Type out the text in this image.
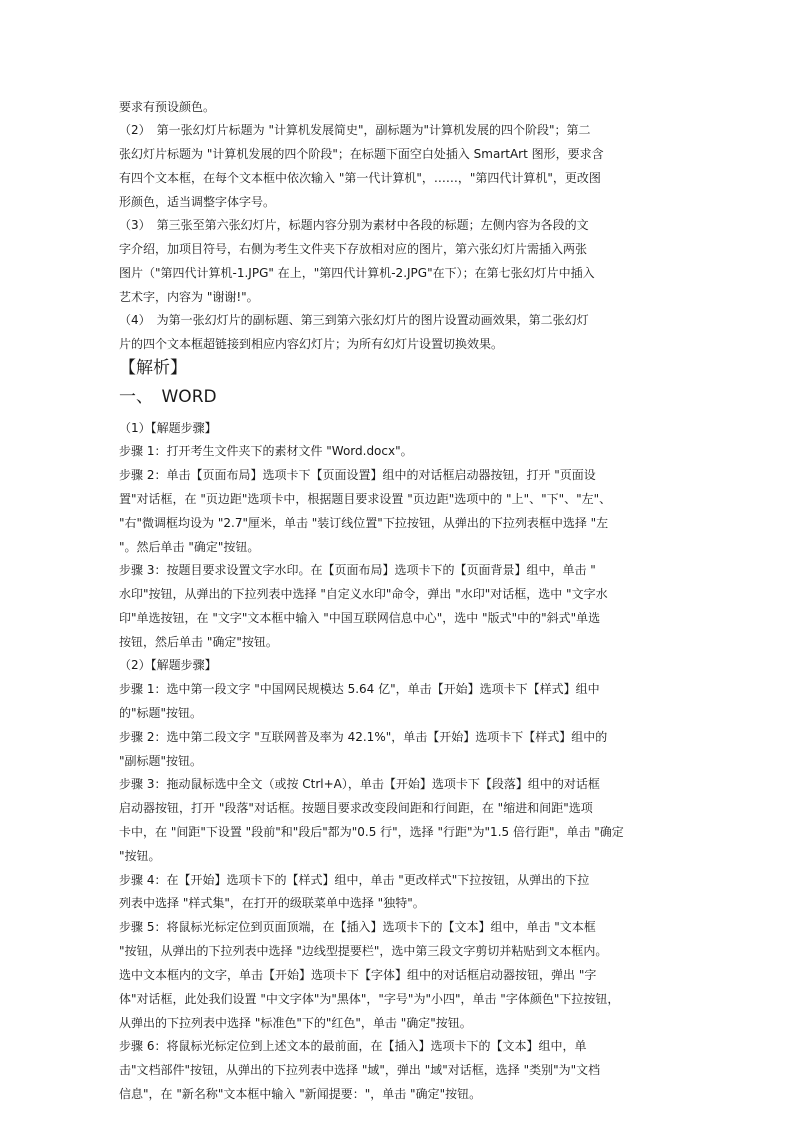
要求有预设颜色。
（2）　第一张幻灯片标题为 "计算机发展简史"，副标题为"计算机发展的四个阶段"；第二
张幻灯片标题为 "计算机发展的四个阶段"；在标题下面空白处插入 SmartArt 图形，要求含
有四个文本框，在每个文本框中依次输入 "第一代计算机"，……，"第四代计算机"，更改图
形颜色，适当调整字体字号。
（3）　第三张至第六张幻灯片，标题内容分别为素材中各段的标题；左侧内容为各段的文
字介绍，加项目符号，右侧为考生文件夹下存放相对应的图片，第六张幻灯片需插入两张
图片（"第四代计算机-1.JPG" 在上，"第四代计算机-2.JPG"在下）；在第七张幻灯片中插入
艺术字，内容为 "谢谢!"。
（4）　为第一张幻灯片的副标题、第三到第六张幻灯片的图片设置动画效果，第二张幻灯
片的四个文本框超链接到相应内容幻灯片；为所有幻灯片设置切换效果。
【解析】
一、　WORD
（1）【解题步骤】
步骤 1：打开考生文件夹下的素材文件 "Word.docx"。
步骤 2：单击【页面布局】选项卡下【页面设置】组中的对话框启动器按钮，打开 "页面设
置"对话框，在 "页边距"选项卡中，根据题目要求设置 "页边距"选项中的 "上"、"下"、"左"、
"右"微调框均设为 "2.7"厘米，单击 "装订线位置"下拉按钮，从弹出的下拉列表框中选择 "左
"。然后单击 "确定"按钮。
步骤 3：按题目要求设置文字水印。在【页面布局】选项卡下的【页面背景】组中，单击 "
水印"按钮，从弹出的下拉列表中选择 "自定义水印"命令，弹出 "水印"对话框，选中 "文字水
印"单选按钮，在 "文字"文本框中输入 "中国互联网信息中心"，选中 "版式"中的"斜式"单选
按钮，然后单击 "确定"按钮。
（2）【解题步骤】
步骤 1：选中第一段文字 "中国网民规模达 5.64 亿"，单击【开始】选项卡下【样式】组中
的"标题"按钮。
步骤 2：选中第二段文字 "互联网普及率为 42.1%"，单击【开始】选项卡下【样式】组中的
"副标题"按钮。
步骤 3：拖动鼠标选中全文（或按 Ctrl+A），单击【开始】选项卡下【段落】组中的对话框
启动器按钮，打开 "段落"对话框。按题目要求改变段间距和行间距，在 "缩进和间距"选项
卡中，在 "间距"下设置 "段前"和"段后"都为"0.5 行"，选择 "行距"为"1.5 倍行距"，单击 "确定
"按钮。
步骤 4：在【开始】选项卡下的【样式】组中，单击 "更改样式"下拉按钮，从弹出的下拉
列表中选择 "样式集"，在打开的级联菜单中选择 "独特"。
步骤 5：将鼠标光标定位到页面顶端，在【插入】选项卡下的【文本】组中，单击 "文本框
"按钮，从弹出的下拉列表中选择 "边线型提要栏"，选中第三段文字剪切并粘贴到文本框内。
选中文本框内的文字，单击【开始】选项卡下【字体】组中的对话框启动器按钮，弹出 "字
体"对话框，此处我们设置 "中文字体"为"黑体"，"字号"为"小四"，单击 "字体颜色"下拉按钮，
从弹出的下拉列表中选择 "标准色"下的"红色"，单击 "确定"按钮。
步骤 6：将鼠标光标定位到上述文本的最前面，在【插入】选项卡下的【文本】组中，单
击"文档部件"按钮，从弹出的下拉列表中选择 "域"，弹出 "域"对话框，选择 "类别"为"文档
信息"，在 "新名称"文本框中输入 "新闻提要："，单击 "确定"按钮。
